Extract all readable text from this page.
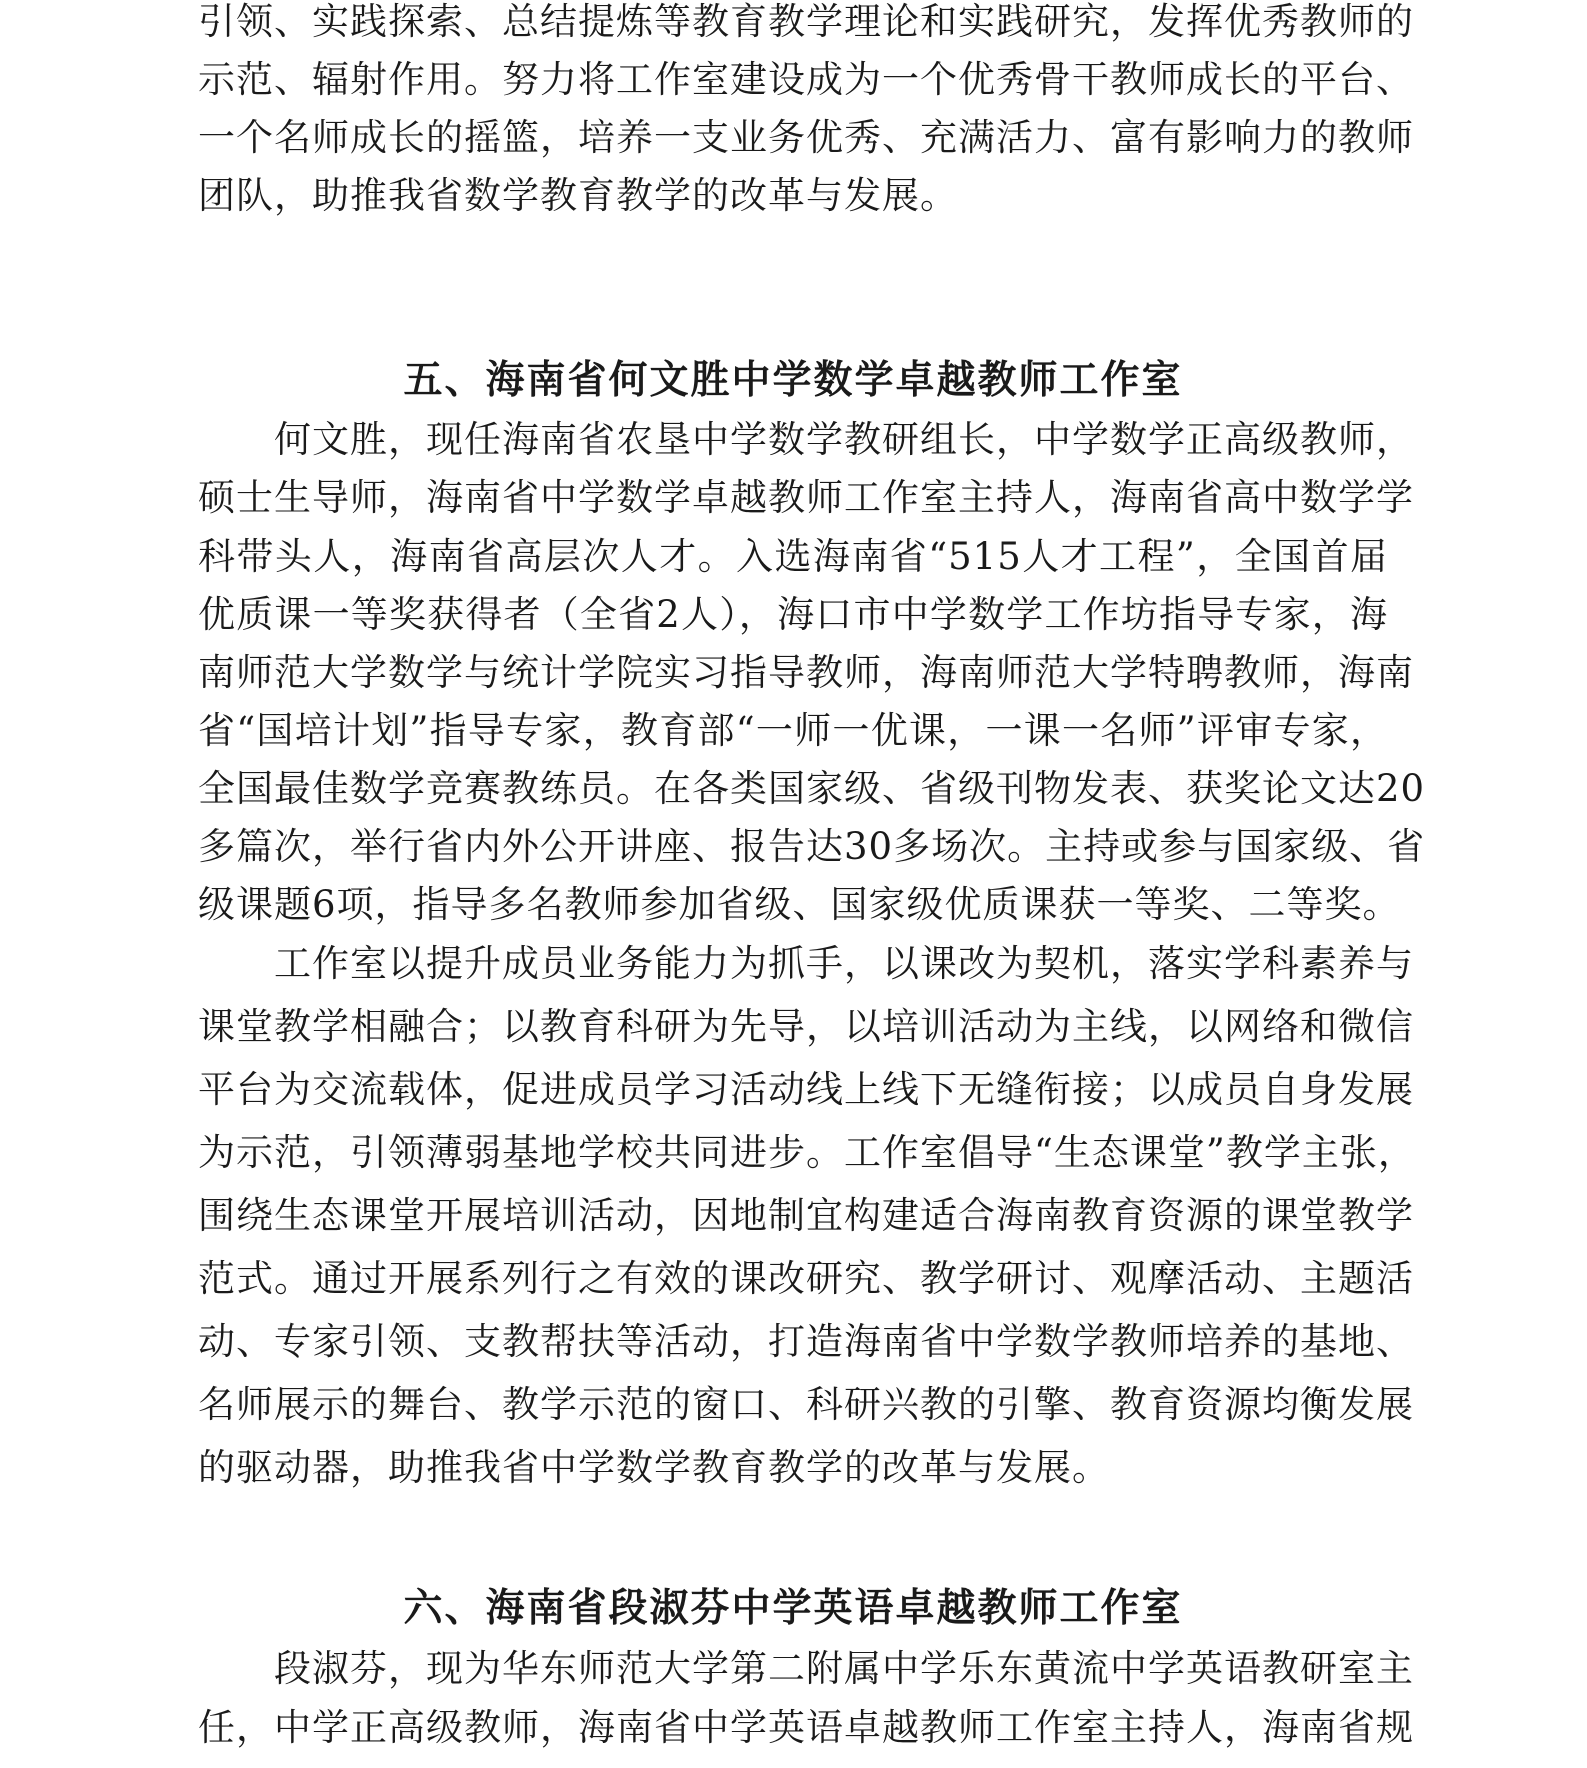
引领、实践探索、总结提炼等教育教学理论和实践研究，发挥优秀教师的
示范、辐射作用。努力将工作室建设成为一个优秀骨干教师成长的平台、
一个名师成长的摇篮，培养一支业务优秀、充满活力、富有影响力的教师
团队，助推我省数学教育教学的改革与发展。
五、海南省何文胜中学数学卓越教师工作室
　　何文胜，现任海南省农垦中学数学教研组长，中学数学正高级教师，
硕士生导师，海南省中学数学卓越教师工作室主持人，海南省高中数学学
科带头人，海南省高层次人才。入选海南省“515人才工程”，全国首届
优质课一等奖获得者（全省2人），海口市中学数学工作坊指导专家，海
南师范大学数学与统计学院实习指导教师，海南师范大学特聘教师，海南
省“国培计划”指导专家，教育部“一师一优课，一课一名师”评审专家，
全国最佳数学竞赛教练员。在各类国家级、省级刊物发表、获奖论文达20
多篇次，举行省内外公开讲座、报告达30多场次。主持或参与国家级、省
级课题6项，指导多名教师参加省级、国家级优质课获一等奖、二等奖。
　　工作室以提升成员业务能力为抓手，以课改为契机，落实学科素养与
课堂教学相融合；以教育科研为先导，以培训活动为主线，以网络和微信
平台为交流载体，促进成员学习活动线上线下无缝衔接；以成员自身发展
为示范，引领薄弱基地学校共同进步。工作室倡导“生态课堂”教学主张，
围绕生态课堂开展培训活动，因地制宜构建适合海南教育资源的课堂教学
范式。通过开展系列行之有效的课改研究、教学研讨、观摩活动、主题活
动、专家引领、支教帮扶等活动，打造海南省中学数学教师培养的基地、
名师展示的舞台、教学示范的窗口、科研兴教的引擎、教育资源均衡发展
的驱动器，助推我省中学数学教育教学的改革与发展。
六、海南省段淑芬中学英语卓越教师工作室
　　段淑芬，现为华东师范大学第二附属中学乐东黄流中学英语教研室主
任，中学正高级教师，海南省中学英语卓越教师工作室主持人，海南省规
